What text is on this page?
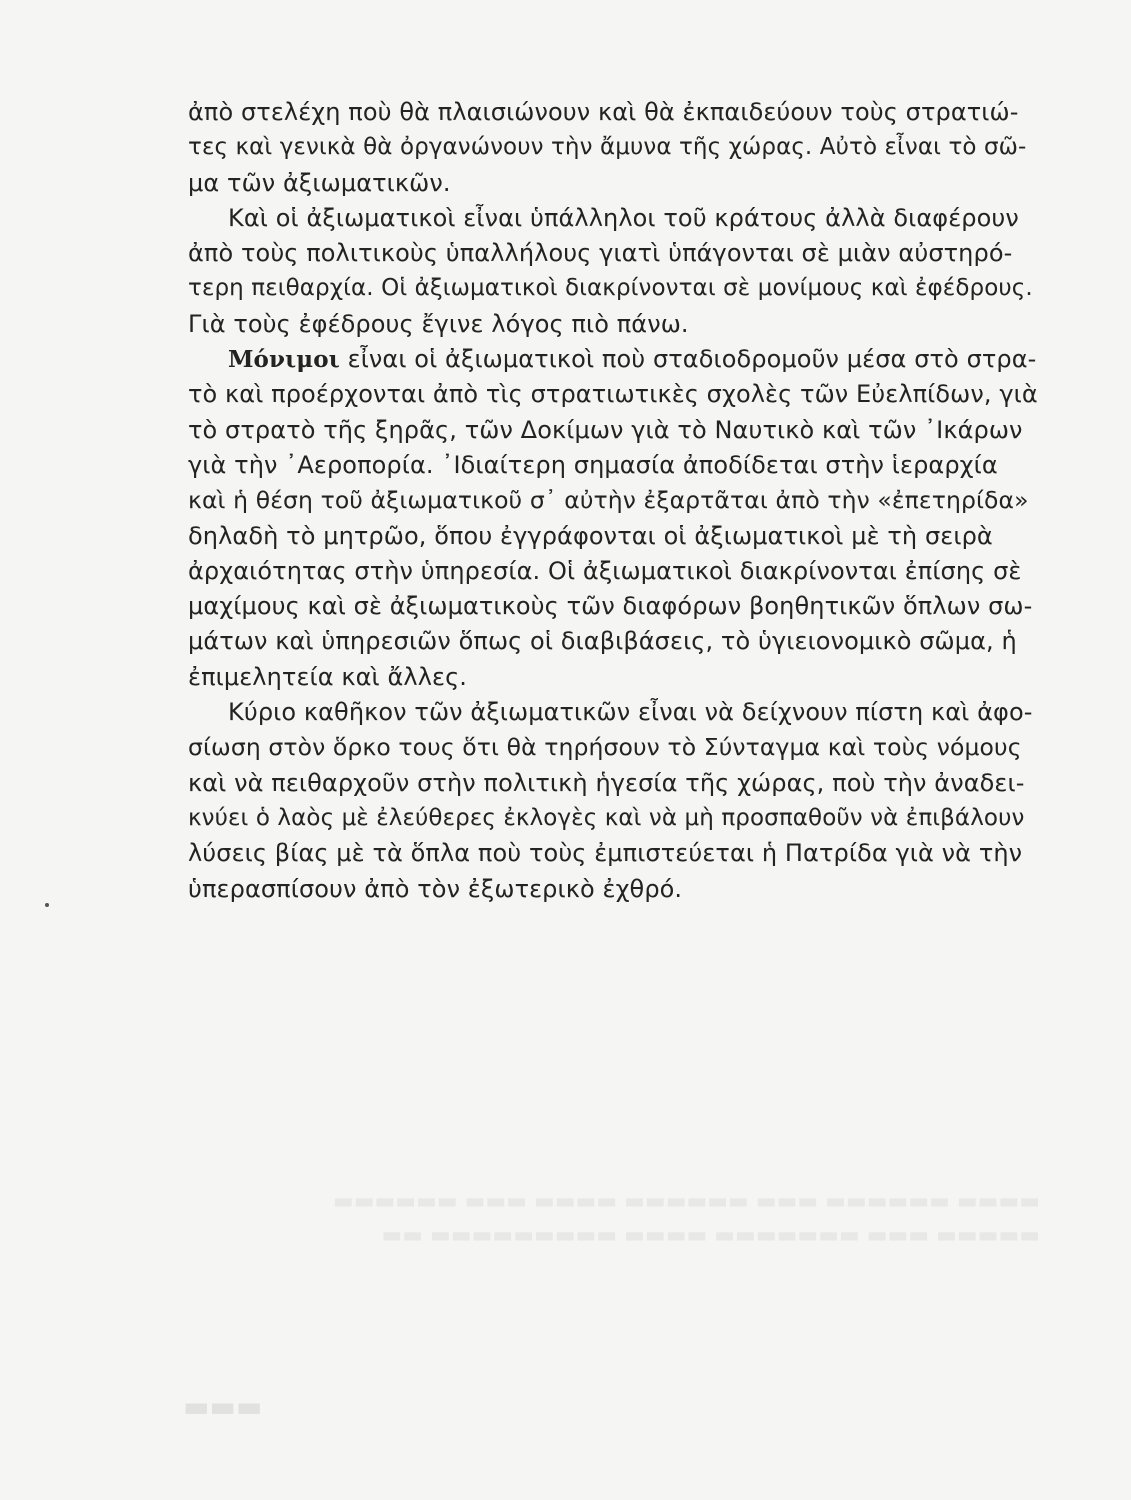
▬▬▬▬ ▬▬▬▬▬▬ ▬▬▬ ▬▬▬▬▬▬ ▬▬▬▬ ▬▬▬ ▬▬▬▬▬▬
▬▬▬▬▬ ▬▬▬ ▬▬▬▬▬▬▬ ▬▬▬▬ ▬▬▬▬▬▬▬▬▬ ▬▬
▬▬▬
ἀπὸ στελέχη ποὺ θὰ πλαισιώνουν καὶ θὰ ἐκπαιδεύουν τοὺς στρατιώ-
τες καὶ γενικὰ θὰ ὀργανώνουν τὴν ἄμυνα τῆς χώρας. Αὐτὸ εἶναι τὸ σῶ-
μα τῶν ἀξιωματικῶν.
Καὶ οἱ ἀξιωματικοὶ εἶναι ὑπάλληλοι τοῦ κράτους ἀλλὰ διαφέρουν
ἀπὸ τοὺς πολιτικοὺς ὑπαλλήλους γιατὶ ὑπάγονται σὲ μιὰν αὐστηρό-
τερη πειθαρχία. Οἱ ἀξιωματικοὶ διακρίνονται σὲ μονίμους καὶ ἐφέδρους.
Γιὰ τοὺς ἐφέδρους ἔγινε λόγος πιὸ πάνω.
Μόνιμοι εἶναι οἱ ἀξιωματικοὶ ποὺ σταδιοδρομοῦν μέσα στὸ στρα-
τὸ καὶ προέρχονται ἀπὸ τὶς στρατιωτικὲς σχολὲς τῶν Εὐελπίδων, γιὰ
τὸ στρατὸ τῆς ξηρᾶς, τῶν Δοκίμων γιὰ τὸ Ναυτικὸ καὶ τῶν ᾿Ικάρων
γιὰ τὴν ᾿Αεροπορία. ᾿Ιδιαίτερη σημασία ἀποδίδεται στὴν ἱεραρχία
καὶ ἡ θέση τοῦ ἀξιωματικοῦ σ᾿ αὐτὴν ἐξαρτᾶται ἀπὸ τὴν «ἐπετηρίδα»
δηλαδὴ τὸ μητρῶο, ὅπου ἐγγράφονται οἱ ἀξιωματικοὶ μὲ τὴ σειρὰ
ἀρχαιότητας στὴν ὑπηρεσία. Οἱ ἀξιωματικοὶ διακρίνονται ἐπίσης σὲ
μαχίμους καὶ σὲ ἀξιωματικοὺς τῶν διαφόρων βοηθητικῶν ὅπλων σω-
μάτων καὶ ὑπηρεσιῶν ὅπως οἱ διαβιβάσεις, τὸ ὑγιειονομικὸ σῶμα, ἡ
ἐπιμελητεία καὶ ἄλλες.
Κύριο καθῆκον τῶν ἀξιωματικῶν εἶναι νὰ δείχνουν πίστη καὶ ἀφο-
σίωση στὸν ὅρκο τους ὅτι θὰ τηρήσουν τὸ Σύνταγμα καὶ τοὺς νόμους
καὶ νὰ πειθαρχοῦν στὴν πολιτικὴ ἡγεσία τῆς χώρας, ποὺ τὴν ἀναδει-
κνύει ὁ λαὸς μὲ ἐλεύθερες ἐκλογὲς καὶ νὰ μὴ προσπαθοῦν νὰ ἐπιβάλουν
λύσεις βίας μὲ τὰ ὅπλα ποὺ τοὺς ἐμπιστεύεται ἡ Πατρίδα γιὰ νὰ τὴν
ὑπερασπίσουν ἀπὸ τὸν ἐξωτερικὸ ἐχθρό.
